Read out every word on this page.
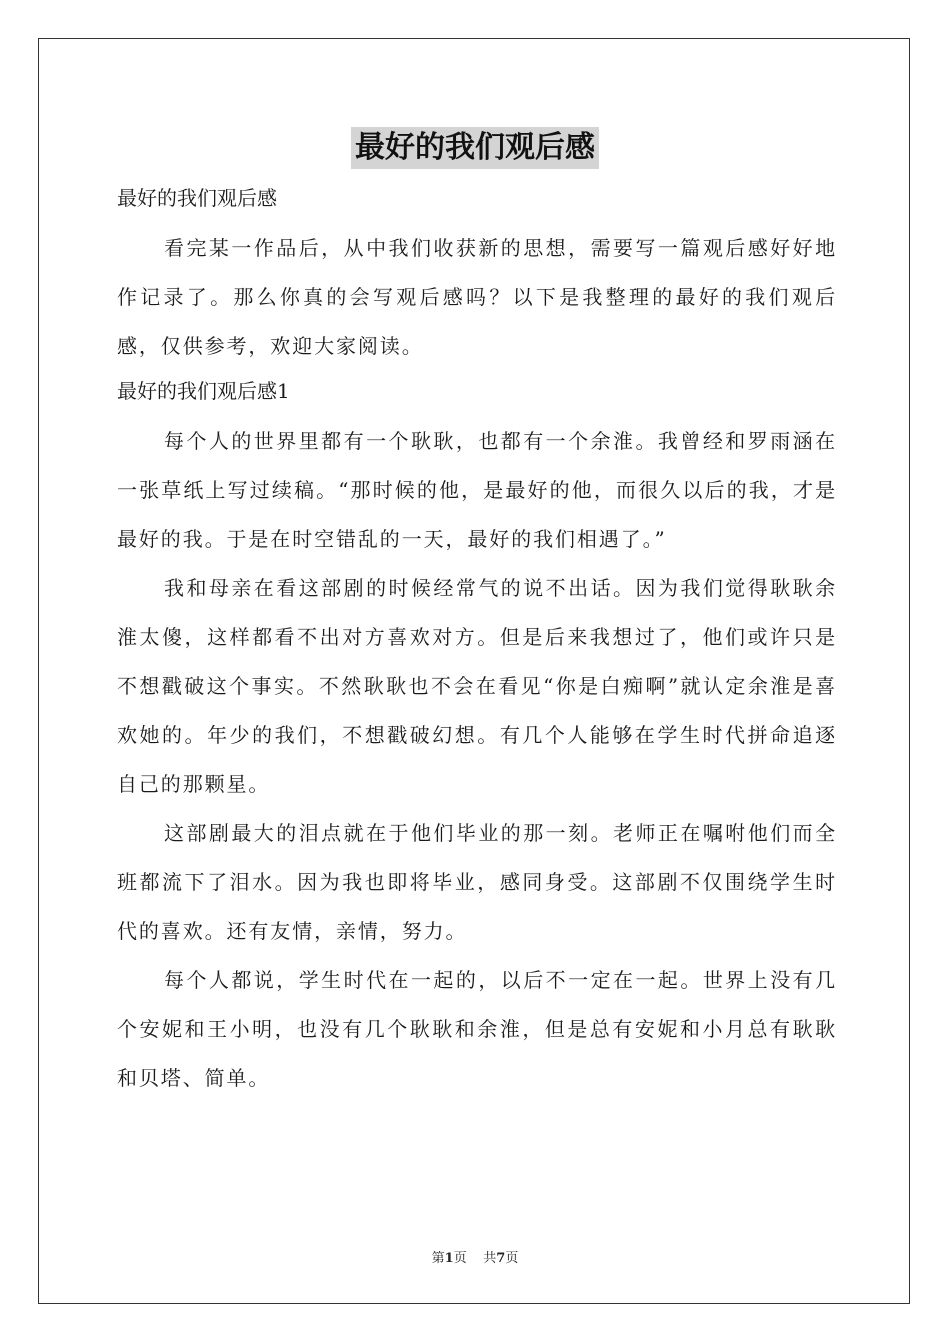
最好的我们观后感

最好的我们观后感

看完某一作品后，从中我们收获新的思想，需要写一篇观后感好好地作记录了。那么你真的会写观后感吗？以下是我整理的最好的我们观后感，仅供参考，欢迎大家阅读。

最好的我们观后感1

每个人的世界里都有一个耿耿，也都有一个余淮。我曾经和罗雨涵在一张草纸上写过续稿。“那时候的他，是最好的他，而很久以后的我，才是最好的我。于是在时空错乱的一天，最好的我们相遇了。”

我和母亲在看这部剧的时候经常气的说不出话。因为我们觉得耿耿余淮太傻，这样都看不出对方喜欢对方。但是后来我想过了，他们或许只是不想戳破这个事实。不然耿耿也不会在看见“你是白痴啊”就认定余淮是喜欢她的。年少的我们，不想戳破幻想。有几个人能够在学生时代拼命追逐自己的那颗星。

这部剧最大的泪点就在于他们毕业的那一刻。老师正在嘱咐他们而全班都流下了泪水。因为我也即将毕业，感同身受。这部剧不仅围绕学生时代的喜欢。还有友情，亲情，努力。

每个人都说，学生时代在一起的，以后不一定在一起。世界上没有几个安妮和王小明，也没有几个耿耿和余淮，但是总有安妮和小月总有耿耿和贝塔、简单。

第1页 共7页
